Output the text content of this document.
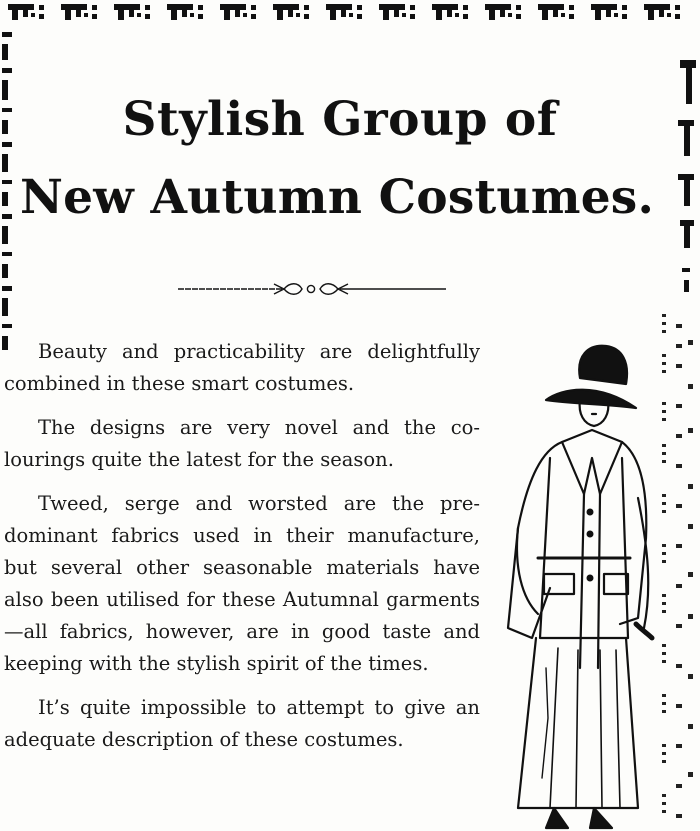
Stylish Group of
New Autumn Costumes.

Beauty and practicability are delightfully combined in these smart costumes.

The designs are very novel and the colourings quite the latest for the season.

Tweed, serge and worsted are the predominant fabrics used in their manufacture, but several other seasonable materials have also been utilised for these Autumnal garments—all fabrics, however, are in good taste and keeping with the stylish spirit of the times.

It’s quite impossible to attempt to give an adequate description of these costumes.
